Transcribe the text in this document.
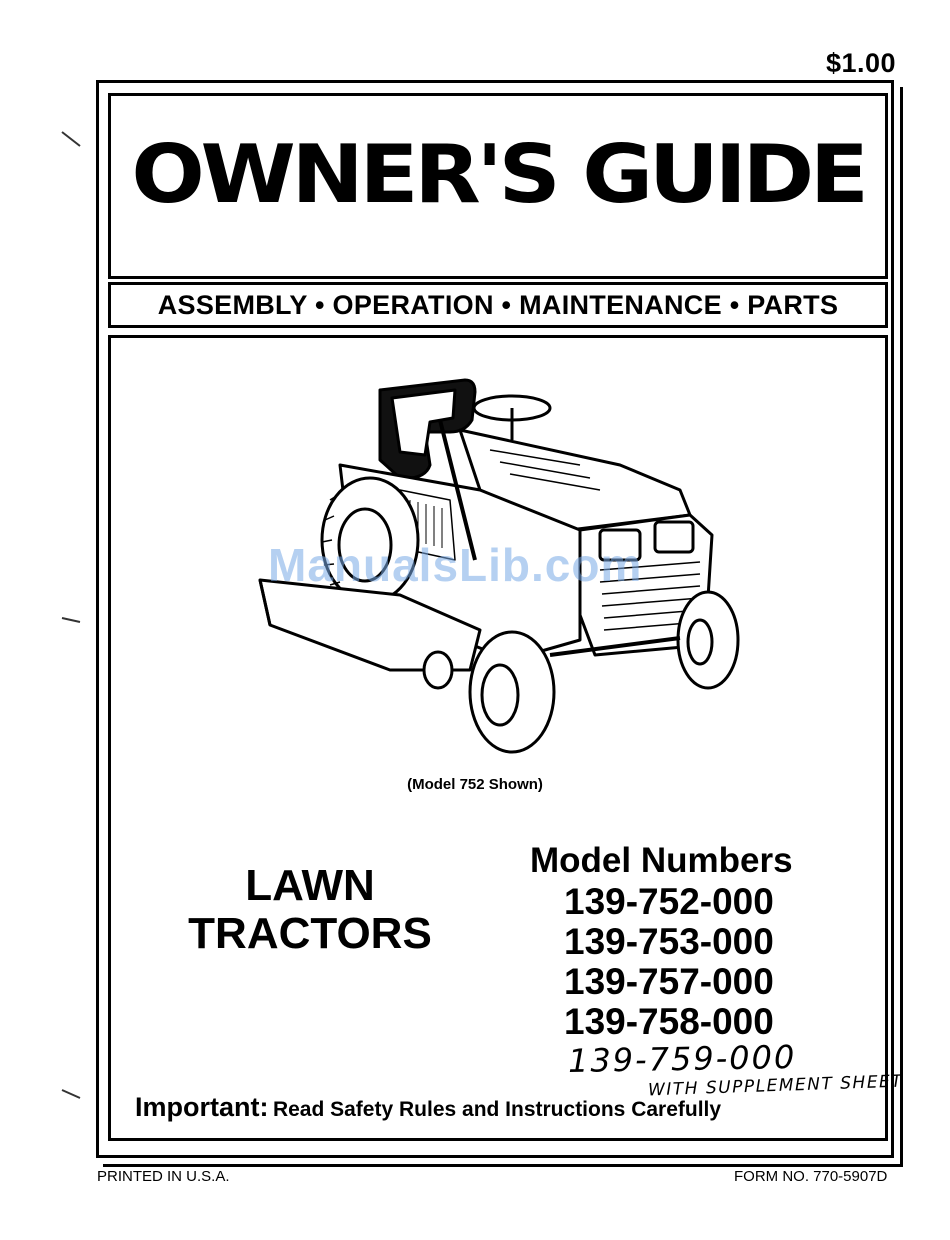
$1.00
OWNER'S GUIDE
ASSEMBLY • OPERATION • MAINTENANCE • PARTS
ManualsLib.com
(Model 752 Shown)
LAWN
TRACTORS
Model Numbers
139-752-000
139-753-000
139-757-000
139-758-000
139-759-000
WITH SUPPLEMENT SHEET
Important: Read Safety Rules and Instructions Carefully
PRINTED IN U.S.A.	FORM NO. 770-5907D
